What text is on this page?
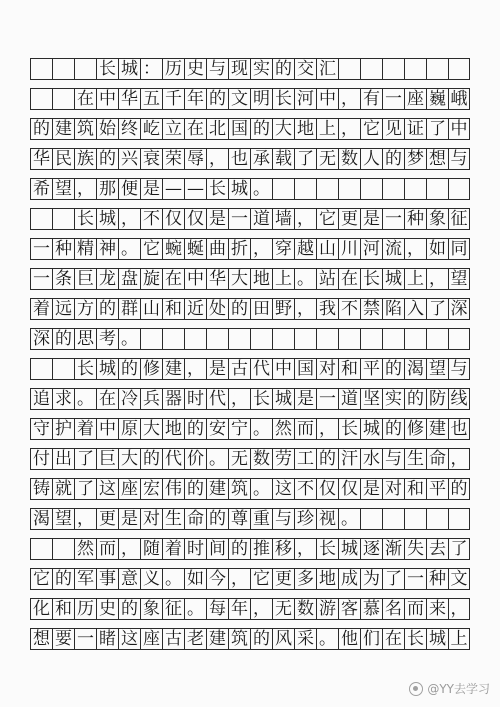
长 城 ： 历 史 与 现 实 的 交 汇
在 中 华 五 千 年 的 文 明 长 河 中 ， 有 一 座 巍 峨
的 建 筑 始 终 屹 立 在 北 国 的 大 地 上 ， 它 见 证 了 中
华 民 族 的 兴 衰 荣 辱 ， 也 承 载 了 无 数 人 的 梦 想 与
希 望 ， 那 便 是 — — 长 城 。
长 城 ， 不 仅 仅 是 一 道 墙 ， 它 更 是 一 种 象 征
一 种 精 神 。 它 蜿 蜒 曲 折 ， 穿 越 山 川 河 流 ， 如 同
一 条 巨 龙 盘 旋 在 中 华 大 地 上 。 站 在 长 城 上 ， 望
着 远 方 的 群 山 和 近 处 的 田 野 ， 我 不 禁 陷 入 了 深
深 的 思 考 。
长 城 的 修 建 ， 是 古 代 中 国 对 和 平 的 渴 望 与
追 求 。 在 冷 兵 器 时 代 ， 长 城 是 一 道 坚 实 的 防 线
守 护 着 中 原 大 地 的 安 宁 。 然 而 ， 长 城 的 修 建 也
付 出 了 巨 大 的 代 价 。 无 数 劳 工 的 汗 水 与 生 命 ，
铸 就 了 这 座 宏 伟 的 建 筑 。 这 不 仅 仅 是 对 和 平 的
渴 望 ， 更 是 对 生 命 的 尊 重 与 珍 视 。
然 而 ， 随 着 时 间 的 推 移 ， 长 城 逐 渐 失 去 了
它 的 军 事 意 义 。 如 今 ， 它 更 多 地 成 为 了 一 种 文
化 和 历 史 的 象 征 。 每 年 ， 无 数 游 客 慕 名 而 来 ，
想 要 一 睹 这 座 古 老 建 筑 的 风 采 。 他 们 在 长 城 上
@YY去学习
